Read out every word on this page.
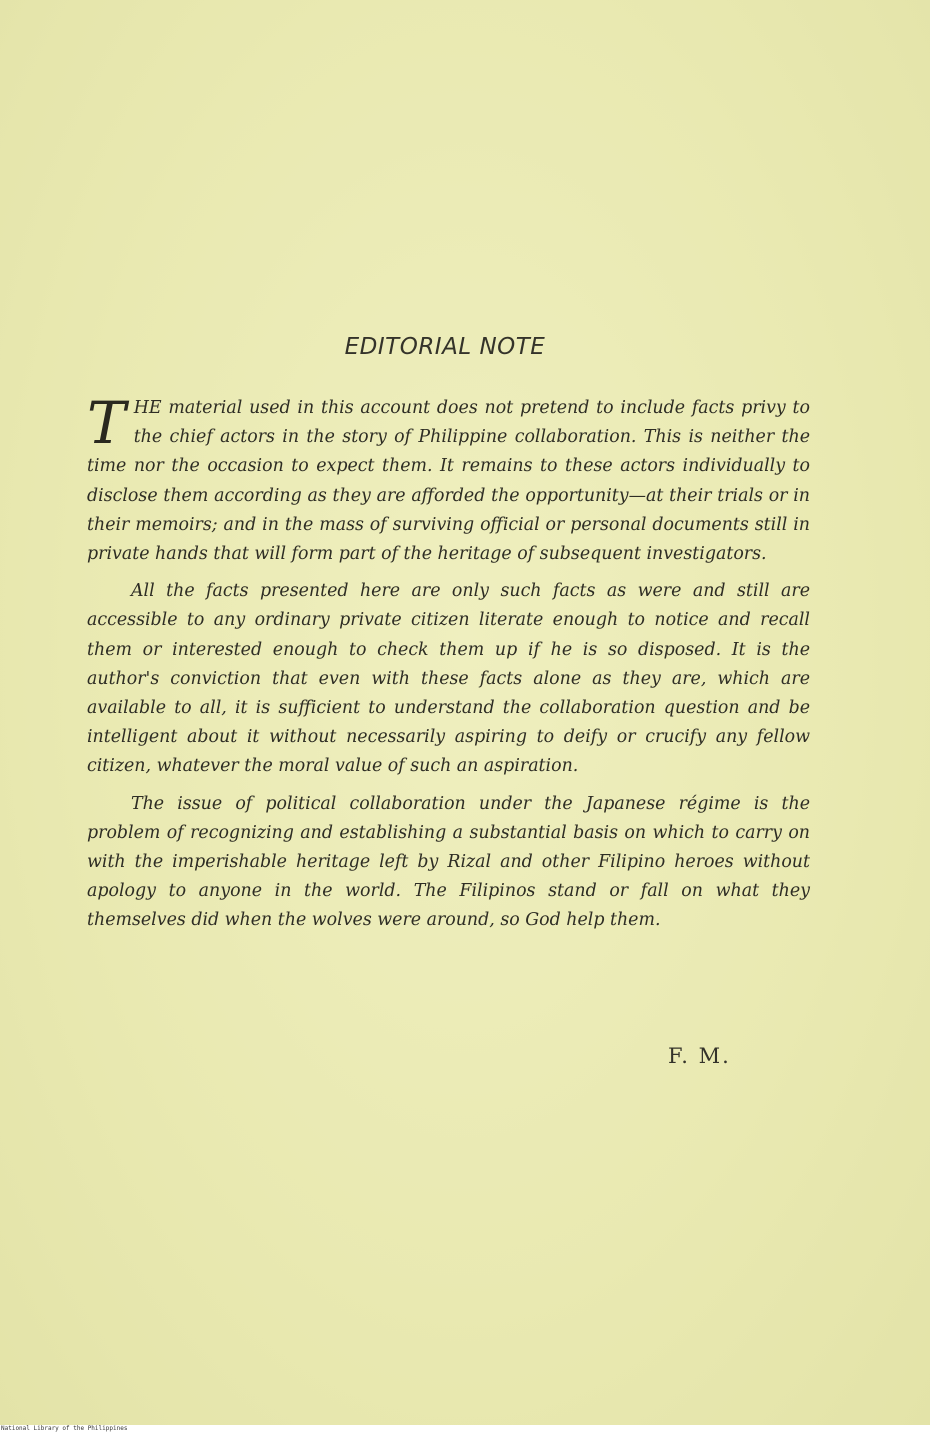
EDITORIAL NOTE

THE material used in this account does not pretend to include facts privy to the chief actors in the story of Philippine collaboration. This is neither the time nor the occasion to expect them. It remains to these actors individually to disclose them according as they are afforded the opportunity—at their trials or in their memoirs; and in the mass of surviving official or personal documents still in private hands that will form part of the heritage of subsequent investigators.

All the facts presented here are only such facts as were and still are accessible to any ordinary private citizen literate enough to notice and recall them or interested enough to check them up if he is so disposed. It is the author's conviction that even with these facts alone as they are, which are available to all, it is sufficient to understand the collaboration question and be intelligent about it without necessarily aspiring to deify or crucify any fellow citizen, whatever the moral value of such an aspiration.

The issue of political collaboration under the Japanese régime is the problem of recognizing and establishing a substantial basis on which to carry on with the imperishable heritage left by Rizal and other Filipino heroes without apology to anyone in the world. The Filipinos stand or fall on what they themselves did when the wolves were around, so God help them.

F. M.
National Library of the Philippines
